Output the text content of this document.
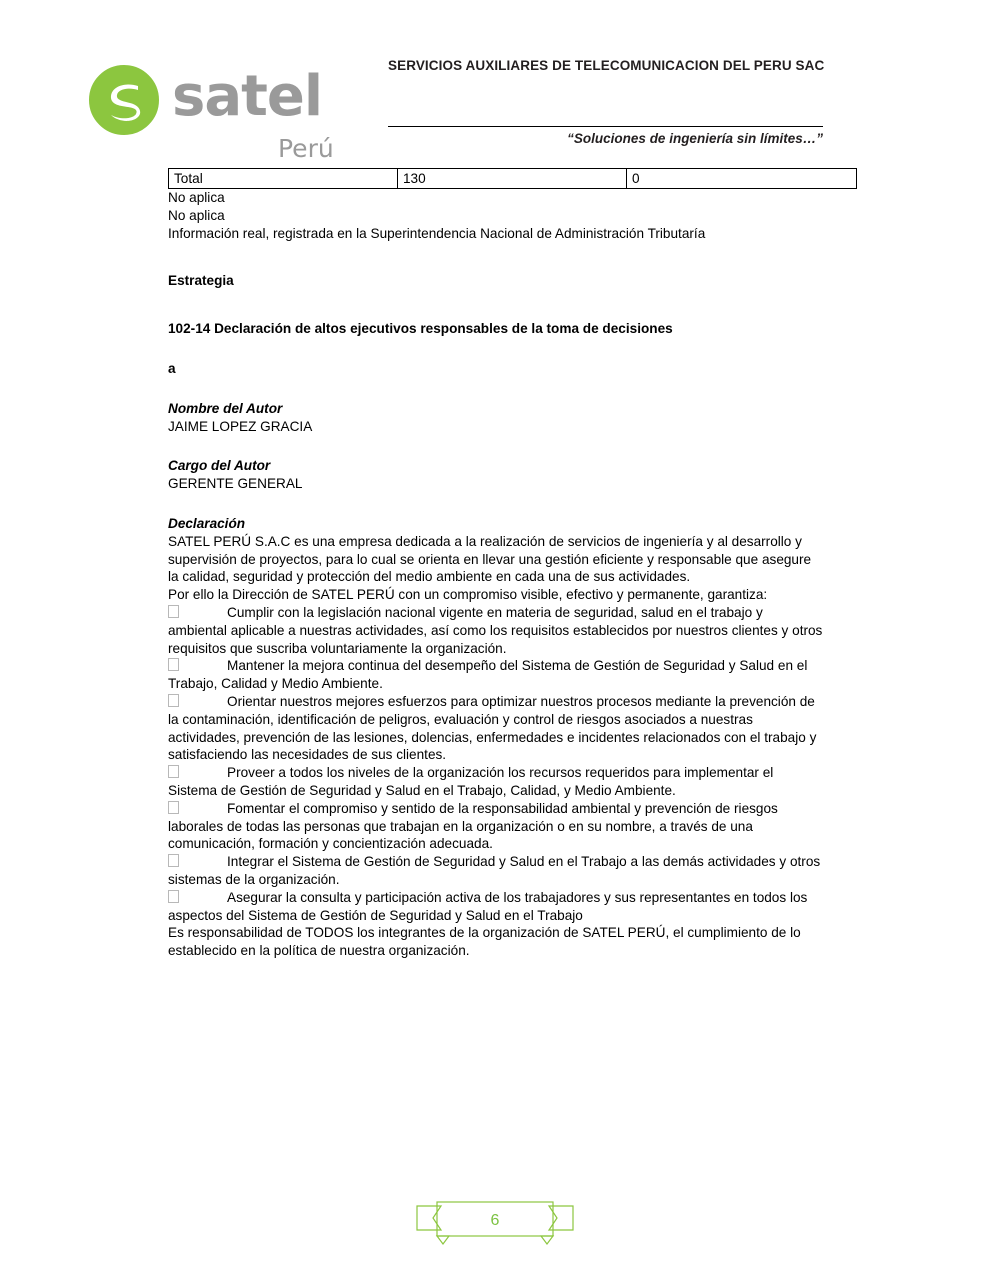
satel
Perú
SERVICIOS AUXILIARES DE TELECOMUNICACION DEL PERU SAC
“Soluciones de ingeniería sin límites…”
Total	130	0

No aplica

No aplica

Información real, registrada en la Superintendencia Nacional de Administración Tributaría

Estrategia

102-14 Declaración de altos ejecutivos responsables de la toma de decisiones

a

Nombre del Autor

JAIME LOPEZ GRACIA

Cargo del Autor

GERENTE GENERAL

Declaración

SATEL PERÚ S.A.C es una empresa dedicada a la realización de servicios de ingeniería y al desarrollo y supervisión de proyectos, para lo cual se orienta en llevar una gestión eficiente y responsable que asegure la calidad, seguridad y protección del medio ambiente en cada una de sus actividades.

Por ello la Dirección de SATEL PERÚ con un compromiso visible, efectivo y permanente, garantiza:

Cumplir con la legislación nacional vigente en materia de seguridad, salud en el trabajo y ambiental aplicable a nuestras actividades, así como los requisitos establecidos por nuestros clientes y otros requisitos que suscriba voluntariamente la organización.

Mantener la mejora continua del desempeño del Sistema de Gestión de Seguridad y Salud en el Trabajo, Calidad y Medio Ambiente.

Orientar nuestros mejores esfuerzos para optimizar nuestros procesos mediante la prevención de la contaminación, identificación de peligros, evaluación y control de riesgos asociados a nuestras actividades, prevención de las lesiones, dolencias, enfermedades e incidentes relacionados con el trabajo y satisfaciendo las necesidades de sus clientes.

Proveer a todos los niveles de la organización los recursos requeridos para implementar el Sistema de Gestión de Seguridad y Salud en el Trabajo, Calidad, y Medio Ambiente.

Fomentar el compromiso y sentido de la responsabilidad ambiental y prevención de riesgos laborales de todas las personas que trabajan en la organización o en su nombre, a través de una comunicación, formación y concientización adecuada.

Integrar el Sistema de Gestión de Seguridad y Salud en el Trabajo a las demás actividades y otros sistemas de la organización.

Asegurar la consulta y participación activa de los trabajadores y sus representantes en todos los aspectos del Sistema de Gestión de Seguridad y Salud en el Trabajo

Es responsabilidad de TODOS los integrantes de la organización de SATEL PERÚ, el cumplimiento de lo establecido en la política de nuestra organización.

6
